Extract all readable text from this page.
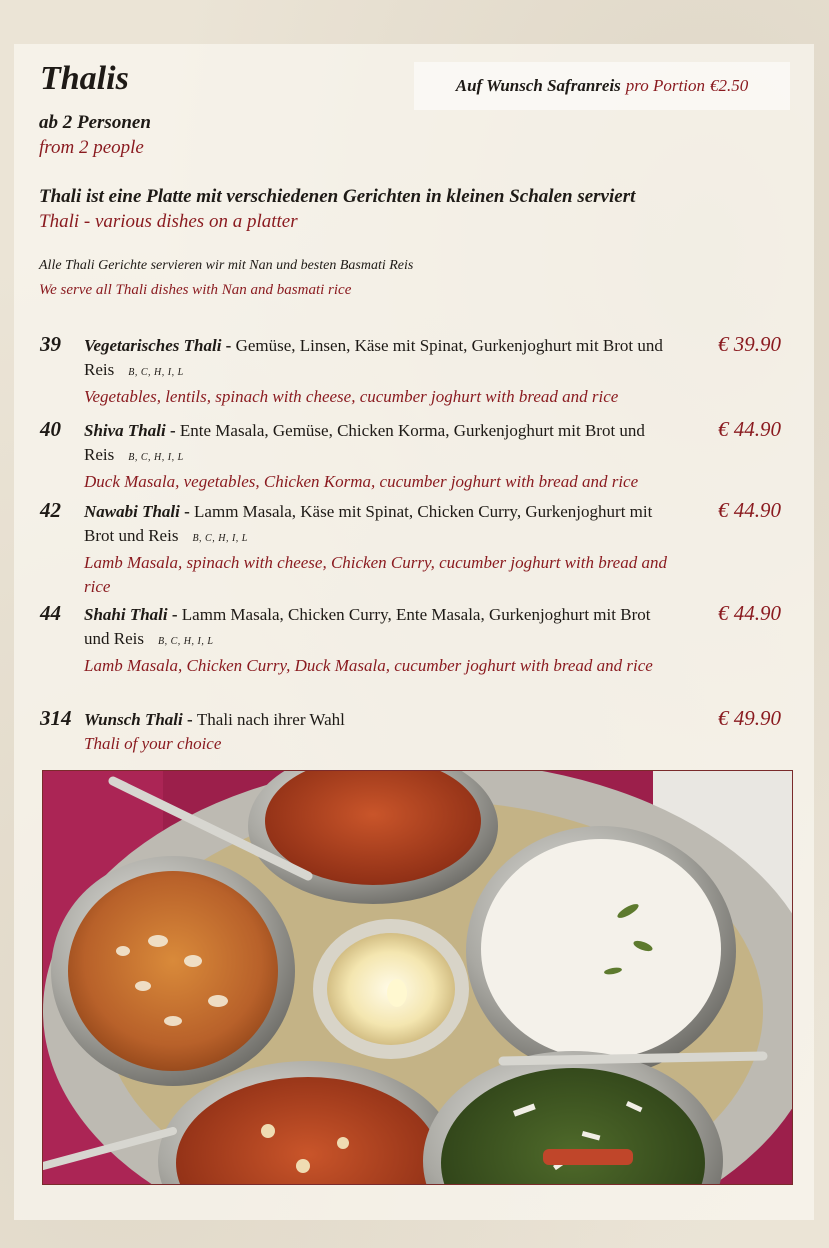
Thalis	Auf Wunsch Safranreis pro Portion €2.50
ab 2 Personen
from 2 people
Thali ist eine Platte mit verschiedenen Gerichten in kleinen Schalen serviert
Thali - various dishes on a platter
Alle Thali Gerichte servieren wir mit Nan und besten Basmati Reis
We serve all Thali dishes with Nan and basmati rice
39 Vegetarisches Thali - Gemüse, Linsen, Käse mit Spinat, Gurkenjoghurt mit Brot und Reis B, C, H, I, L
Vegetables, lentils, spinach with cheese, cucumber joghurt with bread and rice
€ 39.90
40 Shiva Thali - Ente Masala, Gemüse, Chicken Korma, Gurkenjoghurt mit Brot und Reis B, C, H, I, L
Duck Masala, vegetables, Chicken Korma, cucumber joghurt with bread and rice
€ 44.90
42 Nawabi Thali - Lamm Masala, Käse mit Spinat, Chicken Curry, Gurkenjoghurt mit Brot und Reis B, C, H, I, L
Lamb Masala, spinach with cheese, Chicken Curry, cucumber joghurt with bread and rice
€ 44.90
44 Shahi Thali - Lamm Masala, Chicken Curry, Ente Masala, Gurkenjoghurt mit Brot und Reis B, C, H, I, L
Lamb Masala, Chicken Curry, Duck Masala, cucumber joghurt with bread and rice
€ 44.90
314 Wunsch Thali - Thali nach ihrer Wahl
Thali of your choice
€ 49.90
